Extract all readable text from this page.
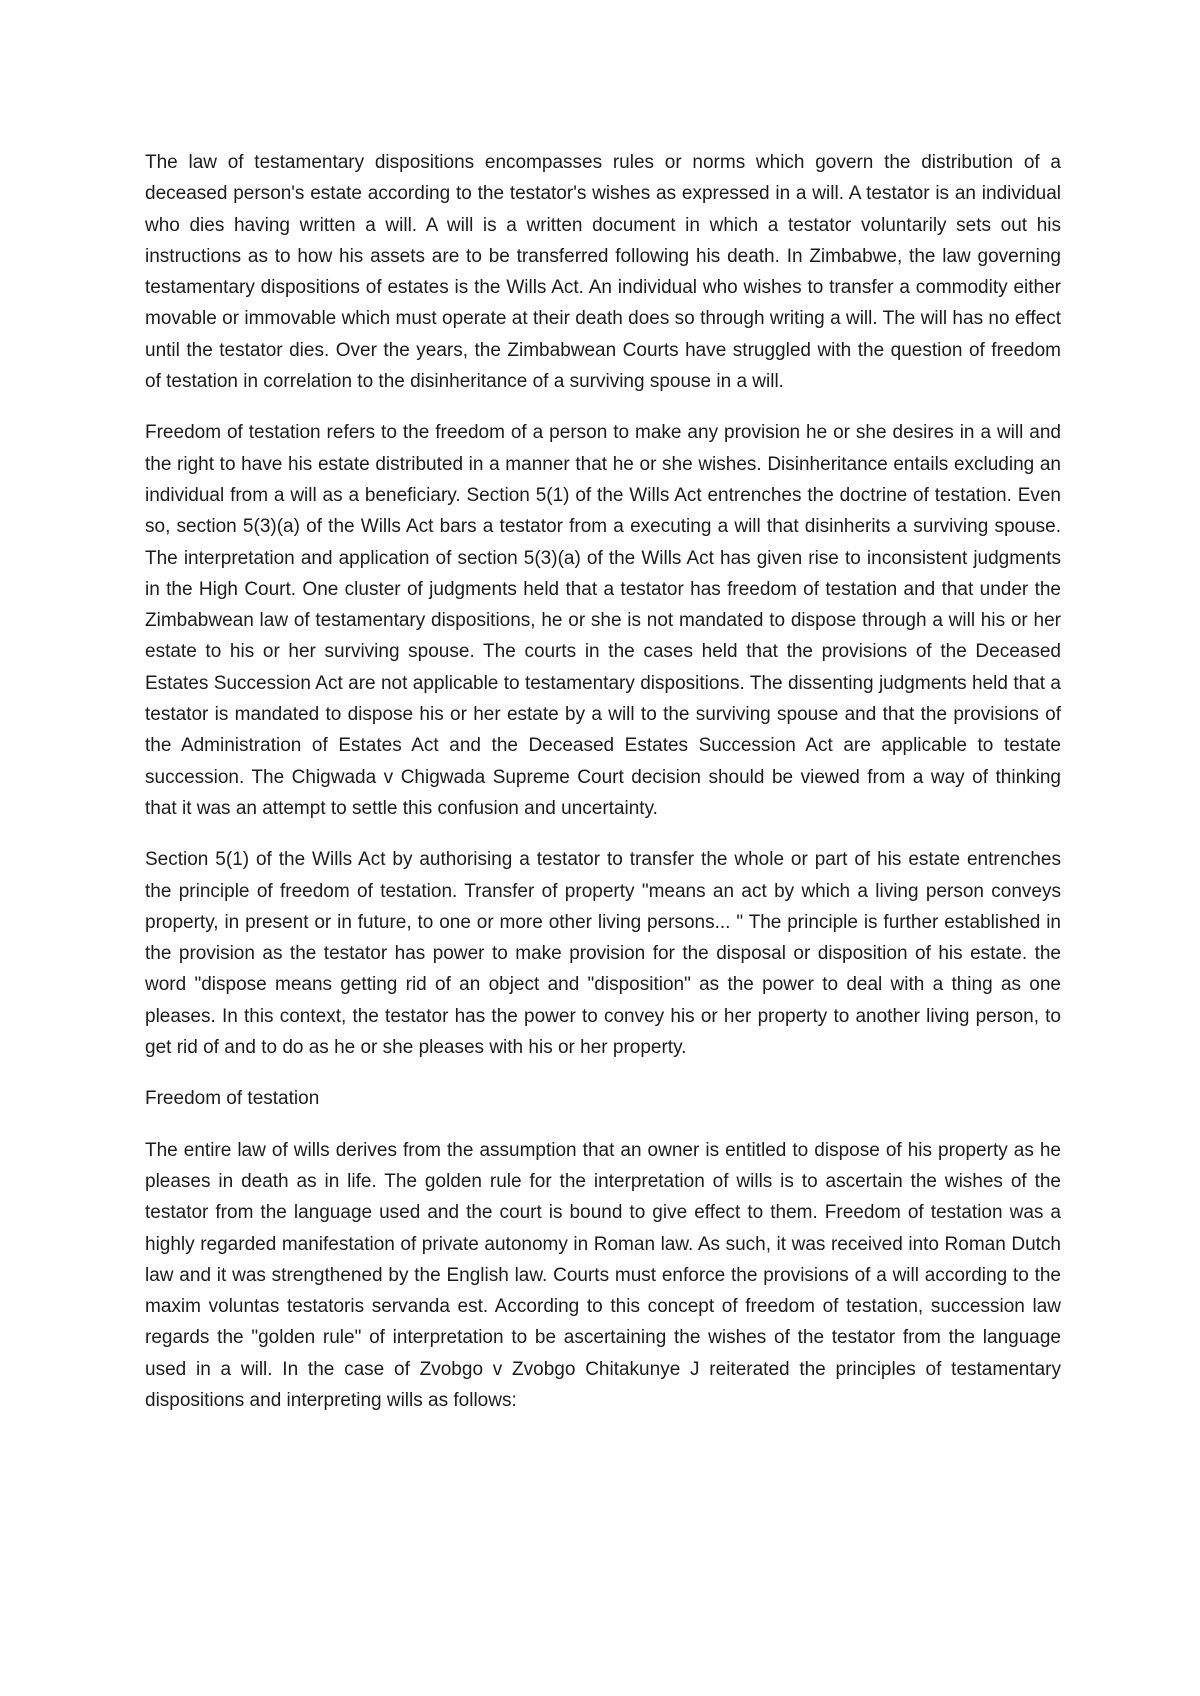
The law of testamentary dispositions encompasses rules or norms which govern the distribution of a deceased person's estate according to the testator's wishes as expressed in a will. A testator is an individual who dies having written a will. A will is a written document in which a testator voluntarily sets out his instructions as to how his assets are to be transferred following his death. In Zimbabwe, the law governing testamentary dispositions of estates is the Wills Act. An individual who wishes to transfer a commodity either movable or immovable which must operate at their death does so through writing a will. The will has no effect until the testator dies. Over the years, the Zimbabwean Courts have struggled with the question of freedom of testation in correlation to the disinheritance of a surviving spouse in a will.

Freedom of testation refers to the freedom of a person to make any provision he or she desires in a will and the right to have his estate distributed in a manner that he or she wishes. Disinheritance entails excluding an individual from a will as a beneficiary. Section 5(1) of the Wills Act entrenches the doctrine of testation. Even so, section 5(3)(a) of the Wills Act bars a testator from a executing a will that disinherits a surviving spouse. The interpretation and application of section 5(3)(a) of the Wills Act has given rise to inconsistent judgments in the High Court. One cluster of judgments held that a testator has freedom of testation and that under the Zimbabwean law of testamentary dispositions, he or she is not mandated to dispose through a will his or her estate to his or her surviving spouse. The courts in the cases held that the provisions of the Deceased Estates Succession Act are not applicable to testamentary dispositions. The dissenting judgments held that a testator is mandated to dispose his or her estate by a will to the surviving spouse and that the provisions of the Administration of Estates Act and the Deceased Estates Succession Act are applicable to testate succession. The Chigwada v Chigwada Supreme Court decision should be viewed from a way of thinking that it was an attempt to settle this confusion and uncertainty.

Section 5(1) of the Wills Act by authorising a testator to transfer the whole or part of his estate entrenches the principle of freedom of testation. Transfer of property "means an act by which a living person conveys property, in present or in future, to one or more other living persons... " The principle is further established in the provision as the testator has power to make provision for the disposal or disposition of his estate. the word "dispose means getting rid of an object and "disposition" as the power to deal with a thing as one pleases. In this context, the testator has the power to convey his or her property to another living person, to get rid of and to do as he or she pleases with his or her property.

Freedom of testation

The entire law of wills derives from the assumption that an owner is entitled to dispose of his property as he pleases in death as in life. The golden rule for the interpretation of wills is to ascertain the wishes of the testator from the language used and the court is bound to give effect to them. Freedom of testation was a highly regarded manifestation of private autonomy in Roman law. As such, it was received into Roman Dutch law and it was strengthened by the English law. Courts must enforce the provisions of a will according to the maxim voluntas testatoris servanda est. According to this concept of freedom of testation, succession law regards the "golden rule" of interpretation to be ascertaining the wishes of the testator from the language used in a will. In the case of Zvobgo v Zvobgo Chitakunye J reiterated the principles of testamentary dispositions and interpreting wills as follows:
